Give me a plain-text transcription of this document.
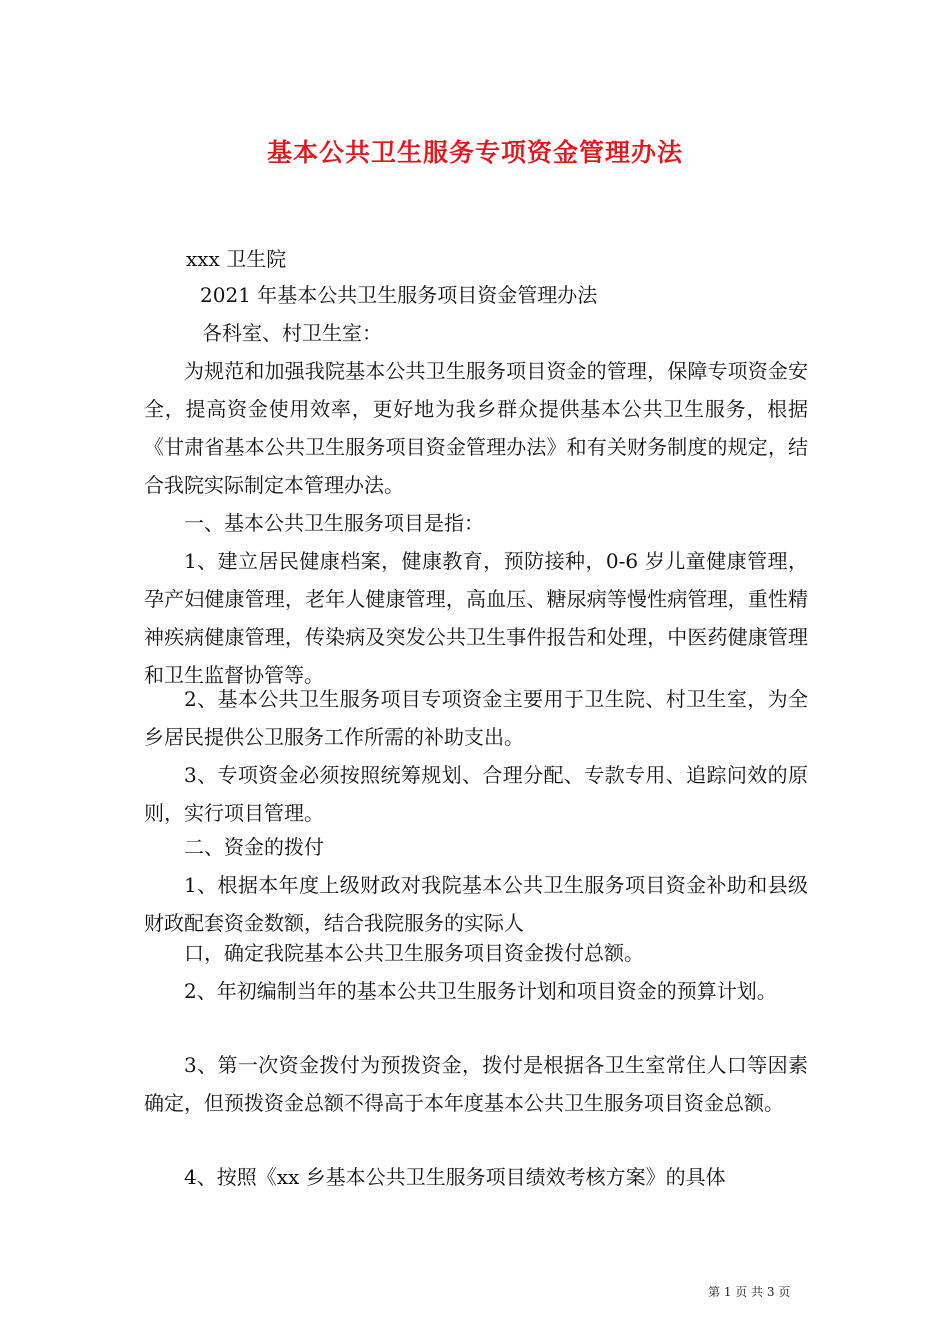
基本公共卫生服务专项资金管理办法
xxx 卫生院
2021 年基本公共卫生服务项目资金管理办法
各科室、村卫生室：
为规范和加强我院基本公共卫生服务项目资金的管理，保障专项资金安全，提高资金使用效率，更好地为我乡群众提供基本公共卫生服务，根据《甘肃省基本公共卫生服务项目资金管理办法》和有关财务制度的规定，结合我院实际制定本管理办法。
一、基本公共卫生服务项目是指：
1、建立居民健康档案，健康教育，预防接种，0-6 岁儿童健康管理，孕产妇健康管理，老年人健康管理，高血压、糖尿病等慢性病管理，重性精神疾病健康管理，传染病及突发公共卫生事件报告和处理，中医药健康管理和卫生监督协管等。
2、基本公共卫生服务项目专项资金主要用于卫生院、村卫生室，为全乡居民提供公卫服务工作所需的补助支出。
3、专项资金必须按照统筹规划、合理分配、专款专用、追踪问效的原则，实行项目管理。
二、资金的拨付
1、根据本年度上级财政对我院基本公共卫生服务项目资金补助和县级财政配套资金数额，结合我院服务的实际人
口，确定我院基本公共卫生服务项目资金拨付总额。
2、年初编制当年的基本公共卫生服务计划和项目资金的预算计划。
3、第一次资金拨付为预拨资金，拨付是根据各卫生室常住人口等因素确定，但预拨资金总额不得高于本年度基本公共卫生服务项目资金总额。
4、按照《xx 乡基本公共卫生服务项目绩效考核方案》的具体
第 1 页 共 3 页
